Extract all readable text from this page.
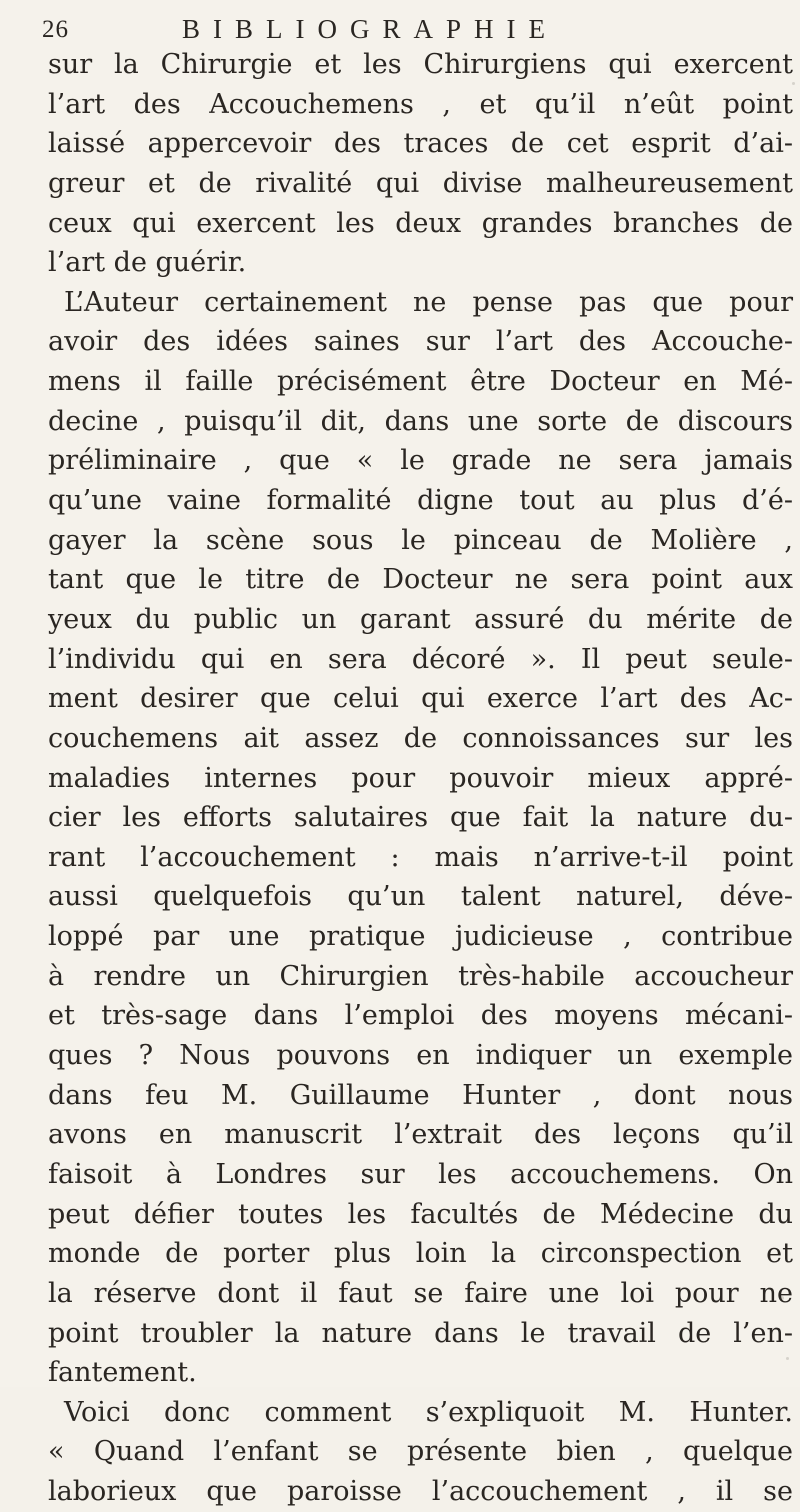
26	BIBLIOGRAPHIE
sur la Chirurgie et les Chirurgiens qui exercent
l’art des Accouchemens , et qu’il n’eût point
laissé appercevoir des traces de cet esprit d’ai-
greur et de rivalité qui divise malheureusement
ceux qui exercent les deux grandes branches de
l’art de guérir.
L’Auteur certainement ne pense pas que pour
avoir des idées saines sur l’art des Accouche-
mens il faille précisément être Docteur en Mé-
decine , puisqu’il dit, dans une sorte de discours
préliminaire , que « le grade ne sera jamais
qu’une vaine formalité digne tout au plus d’é-
gayer la scène sous le pinceau de Molière ,
tant que le titre de Docteur ne sera point aux
yeux du public un garant assuré du mérite de
l’individu qui en sera décoré ». Il peut seule-
ment desirer que celui qui exerce l’art des Ac-
couchemens ait assez de connoissances sur les
maladies internes pour pouvoir mieux appré-
cier les efforts salutaires que fait la nature du-
rant l’accouchement : mais n’arrive-t-il point
aussi quelquefois qu’un talent naturel, déve-
loppé par une pratique judicieuse , contribue
à rendre un Chirurgien très-habile accoucheur
et très-sage dans l’emploi des moyens mécani-
ques ? Nous pouvons en indiquer un exemple
dans feu M. Guillaume Hunter , dont nous
avons en manuscrit l’extrait des leçons qu’il
faisoit à Londres sur les accouchemens. On
peut défier toutes les facultés de Médecine du
monde de porter plus loin la circonspection et
la réserve dont il faut se faire une loi pour ne
point troubler la nature dans le travail de l’en-
fantement.
Voici donc comment s’expliquoit M. Hunter.
« Quand l’enfant se présente bien , quelque
laborieux que paroisse l’accouchement , il se
